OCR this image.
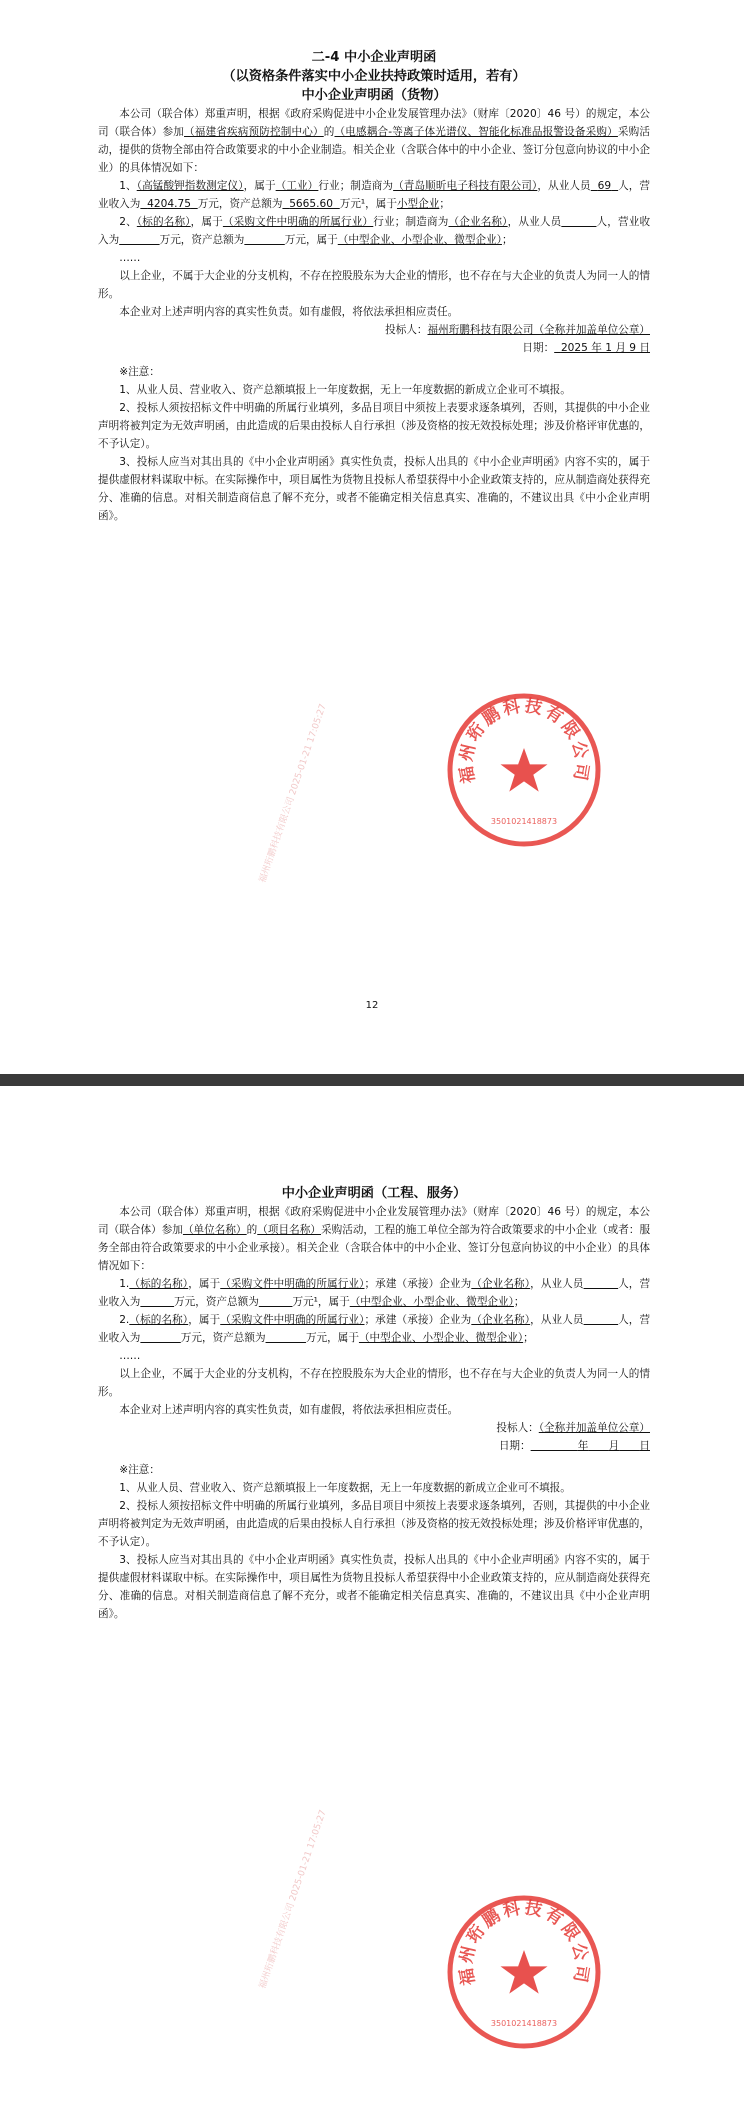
二-4 中小企业声明函

（以资格条件落实中小企业扶持政策时适用，若有）

中小企业声明函（货物）

本公司（联合体）郑重声明，根据《政府采购促进中小企业发展管理办法》（财库〔2020〕46 号）的规定，本公司（联合体）参加（福建省疾病预防控制中心）的（电感耦合-等离子体光谱仪、智能化标准品报警设备采购）采购活动，提供的货物全部由符合政策要求的中小企业制造。相关企业（含联合体中的中小企业、签订分包意向协议的中小企业）的具体情况如下：

1、（高锰酸钾指数测定仪），属于（工业）行业；制造商为（青岛顺昕电子科技有限公司），从业人员 69 人，营业收入为 4204.75 万元，资产总额为 5665.60 万元¹，属于小型企业；

2、（标的名称），属于（采购文件中明确的所属行业）行业；制造商为（企业名称），从业人员	人，营业收入为	万元，资产总额为	万元，属于（中型企业、小型企业、微型企业）；

……

以上企业，不属于大企业的分支机构，不存在控股股东为大企业的情形，也不存在与大企业的负责人为同一人的情形。

本企业对上述声明内容的真实性负责。如有虚假，将依法承担相应责任。

投标人：福州珩鹏科技有限公司（全称并加盖单位公章）

日期： 2025 年 1 月 9 日

※注意：

1、从业人员、营业收入、资产总额填报上一年度数据，无上一年度数据的新成立企业可不填报。

2、投标人须按招标文件中明确的所属行业填列，多品目项目中须按上表要求逐条填列，否则，其提供的中小企业声明将被判定为无效声明函，由此造成的后果由投标人自行承担（涉及资格的按无效投标处理；涉及价格评审优惠的，不予认定）。

3、投标人应当对其出具的《中小企业声明函》真实性负责，投标人出具的《中小企业声明函》内容不实的，属于提供虚假材料谋取中标。在实际操作中，项目属性为货物且投标人希望获得中小企业政策支持的，应从制造商处获得充分、准确的信息。对相关制造商信息了解不充分，或者不能确定相关信息真实、准确的，不建议出具《中小企业声明函》。

福州珩鹏科技有限公司 2025-01-21 17:05:27	福州珩鹏科技有限公司
3501021418873
12

中小企业声明函（工程、服务）

本公司（联合体）郑重声明，根据《政府采购促进中小企业发展管理办法》（财库〔2020〕46 号）的规定，本公司（联合体）参加（单位名称）的（项目名称）采购活动，工程的施工单位全部为符合政策要求的中小企业（或者：服务全部由符合政策要求的中小企业承接）。相关企业（含联合体中的中小企业、签订分包意向协议的中小企业）的具体情况如下：

1.（标的名称），属于（采购文件中明确的所属行业）；承建（承接）企业为（企业名称），从业人员	人，营业收入为	万元，资产总额为	万元¹，属于（中型企业、小型企业、微型企业）；

2.（标的名称），属于（采购文件中明确的所属行业）；承建（承接）企业为（企业名称），从业人员	人，营业收入为	万元，资产总额为	万元，属于（中型企业、小型企业、微型企业）；

……

以上企业，不属于大企业的分支机构，不存在控股股东为大企业的情形，也不存在与大企业的负责人为同一人的情形。

本企业对上述声明内容的真实性负责，如有虚假，将依法承担相应责任。

投标人：（全称并加盖单位公章）

日期：	年 月 日

※注意：

1、从业人员、营业收入、资产总额填报上一年度数据，无上一年度数据的新成立企业可不填报。

2、投标人须按招标文件中明确的所属行业填列，多品目项目中须按上表要求逐条填列，否则，其提供的中小企业声明将被判定为无效声明函，由此造成的后果由投标人自行承担（涉及资格的按无效投标处理；涉及价格评审优惠的，不予认定）。

3、投标人应当对其出具的《中小企业声明函》真实性负责，投标人出具的《中小企业声明函》内容不实的，属于提供虚假材料谋取中标。在实际操作中，项目属性为货物且投标人希望获得中小企业政策支持的，应从制造商处获得充分、准确的信息。对相关制造商信息了解不充分，或者不能确定相关信息真实、准确的，不建议出具《中小企业声明函》。

福州珩鹏科技有限公司 2025-01-21 17:05:27	福州珩鹏科技有限公司
3501021418873
